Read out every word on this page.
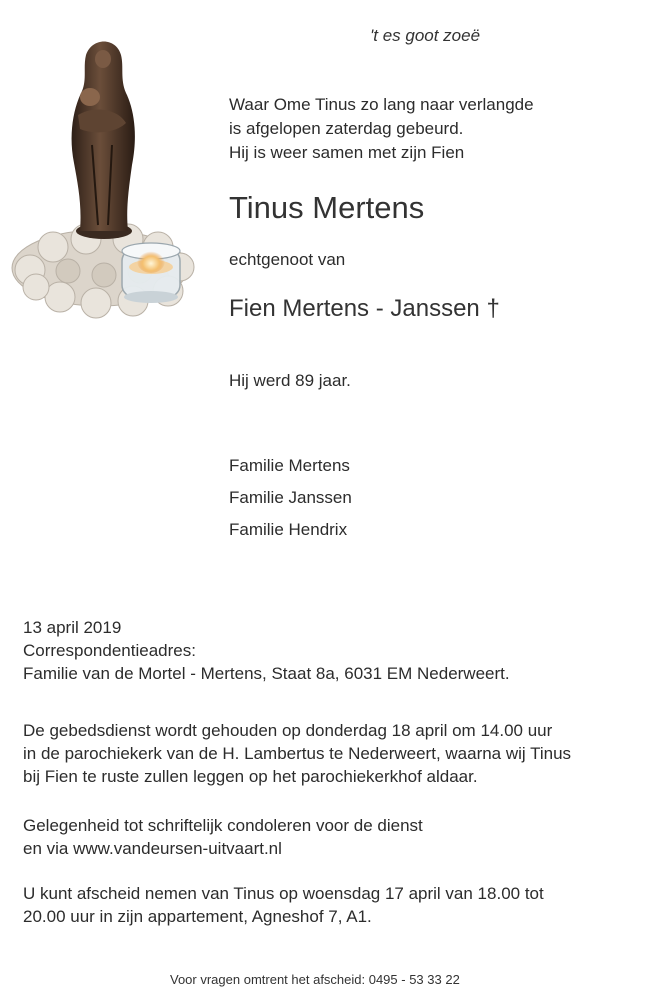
't es goot zoeë
Waar Ome Tinus zo lang naar verlangde
is afgelopen zaterdag gebeurd.
Hij is weer samen met zijn Fien
Tinus Mertens
echtgenoot van
Fien Mertens - Janssen †
Hij werd 89 jaar.
Familie Mertens
Familie Janssen
Familie Hendrix
13 april 2019
Correspondentieadres:
Familie van de Mortel - Mertens, Staat 8a, 6031 EM Nederweert.
De gebedsdienst wordt gehouden op donderdag 18 april om 14.00 uur
in de parochiekerk van de H. Lambertus te Nederweert, waarna wij Tinus
bij Fien te ruste zullen leggen op het parochiekerkhof aldaar.
Gelegenheid tot schriftelijk condoleren voor de dienst
en via www.vandeursen-uitvaart.nl
U kunt afscheid nemen van Tinus op woensdag 17 april van 18.00 tot
20.00 uur in zijn appartement, Agneshof 7, A1.
Voor vragen omtrent het afscheid: 0495 - 53 33 22
